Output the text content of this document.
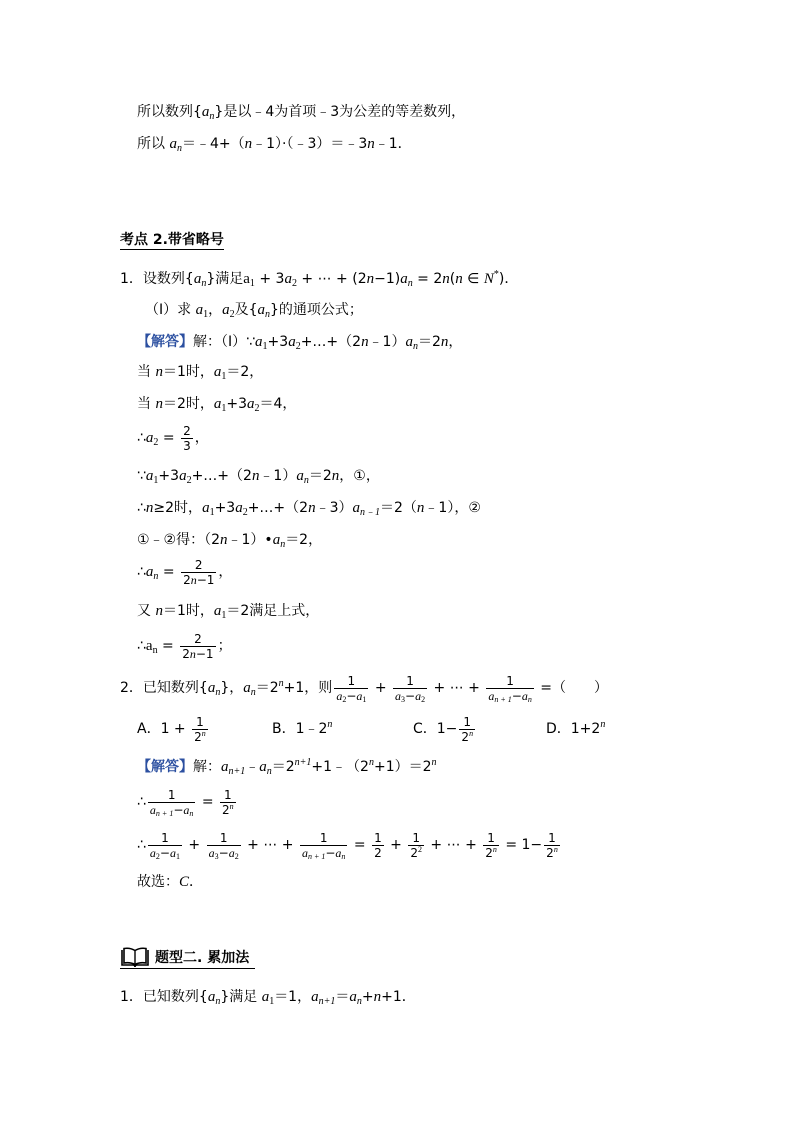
所以数列$\{a_n\}$是以﹣4为首项﹣3为公差的等差数列，
所以 $a_n=﹣4+(n﹣1)\cdot(﹣3)=﹣3n﹣1$．
考点 2.带省略号
1．设数列$\{a_n\}$满足$a_1 + 3a_2$ + ⋯ + $(2n-1)a_n = 2n(n$ ∈ N*)．
（Ⅰ）求 $a_1$，$a_2$及$\{a_n\}$的通项公式；
【解答】解：$(Ⅰ)\because a_1+3a_2+\dots+(2n﹣1)a_n=2n$，
当 n＝1时，$a_1=2$，
当 n＝2时，$a_1+3a_2=4$，
$\therefore a_2 = \frac{2}{3}$ ，
$\because a_1+3a_2+\dots+(2n﹣1)a_n=2n$，①，
∴n≥2时，$a_1+3a_2+\dots+(2n﹣3)a_{n﹣1}=2(n﹣1)$，②
①﹣②得：$(2n﹣1)•a_n=2$，
$\therefore a_n = \frac{2}{2n-1}$ ，
又 n＝1时，$a_1=2$满足上式，
$\therefore a_n = \frac{2}{2n-1}$ ；
2．已知数列$\{a_n\}$，$a_n=2^n+1$，则 $\frac{1}{a2-a1} + \frac{1}{a3-a2}$ + ⋯ + $\frac{1}{an + 1-an}$ =（　　）
A．$1 + \frac{1}{2^n}$	B．1﹣2$^n$	C．$1- \frac{1}{2^n}$	D．$1+2^n$
【解答】解：$a_{n+1}﹣a_n=2^{n+1}+1﹣(2^n+1)=2^n$
∴ $\frac{1}{an + 1-an} = \frac{1}{2^n}$
∴ $\frac{1}{a2-a1} + \frac{1}{a3-a2}$ + ⋯ + $\frac{1}{an + 1-an} = \frac{1}{2} + \frac{1}{2^2}$ + ⋯ + $\frac{1}{2^n} = 1- \frac{1}{2^n}$
故选：C．
题型二. 累加法
1．已知数列$\{a_n\}$满足 $a_1=1$，$a_{n+1}=a_n+n+1$．
